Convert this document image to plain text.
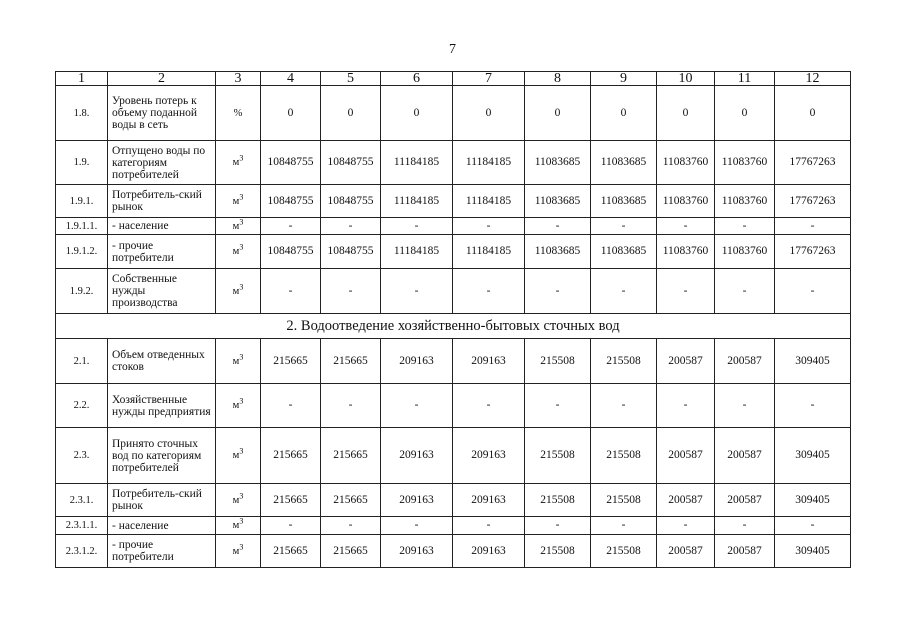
7
1	2	3	4	5	6	7	8	9	10	11	12
1.8.	Уровень потерь к объему поданной воды в сеть	%	0	0	0	0	0	0	0	0	0
1.9.	Отпущено воды по категориям потребителей	$м^3$	10848755	10848755	11184185	11184185	11083685	11083685	11083760	11083760	17767263
1.9.1.	Потребитель-ский рынок	$м^3$	10848755	10848755	11184185	11184185	11083685	11083685	11083760	11083760	17767263
1.9.1.1.	- население	$м^3$	-	-	-	-	-	-	-	-	-
1.9.1.2.	- прочие потребители	$м^3$	10848755	10848755	11184185	11184185	11083685	11083685	11083760	11083760	17767263
1.9.2.	Собственные нужды производства	$м^3$	-	-	-	-	-	-	-	-	-
2. Водоотведение хозяйственно-бытовых сточных вод											
2.1.	Объем отведенных стоков	$м^3$	215665	215665	209163	209163	215508	215508	200587	200587	309405
2.2.	Хозяйственные нужды предприятия	$м^3$	-	-	-	-	-	-	-	-	-
2.3.	Принято сточных вод по категориям потребителей	$м^3$	215665	215665	209163	209163	215508	215508	200587	200587	309405
2.3.1.	Потребитель-ский рынок	$м^3$	215665	215665	209163	209163	215508	215508	200587	200587	309405
2.3.1.1.	- население	$м^3$	-	-	-	-	-	-	-	-	-
2.3.1.2.	- прочие потребители	$м^3$	215665	215665	209163	209163	215508	215508	200587	200587	309405
